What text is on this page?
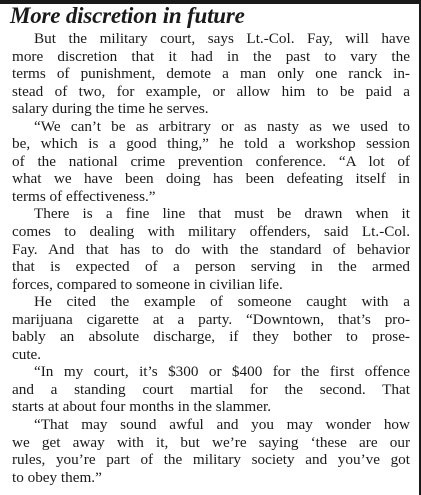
More discretion in future
But the military court, says Lt.-Col. Fay, will have
more discretion that it had in the past to vary the
terms of punishment, demote a man only one ranck in-
stead of two, for example, or allow him to be paid a
salary during the time he serves.
“We can’t be as arbitrary or as nasty as we used to
be, which is a good thing,” he told a workshop session
of the national crime prevention conference. “A lot of
what we have been doing has been defeating itself in
terms of effectiveness.”
There is a fine line that must be drawn when it
comes to dealing with military offenders, said Lt.-Col.
Fay. And that has to do with the standard of behavior
that is expected of a person serving in the armed
forces, compared to someone in civilian life.
He cited the example of someone caught with a
marijuana cigarette at a party. “Downtown, that’s pro-
bably an absolute discharge, if they bother to prose-
cute.
“In my court, it’s $300 or $400 for the first offence
and a standing court martial for the second. That
starts at about four months in the slammer.
“That may sound awful and you may wonder how
we get away with it, but we’re saying ‘these are our
rules, you’re part of the military society and you’ve got
to obey them.”
